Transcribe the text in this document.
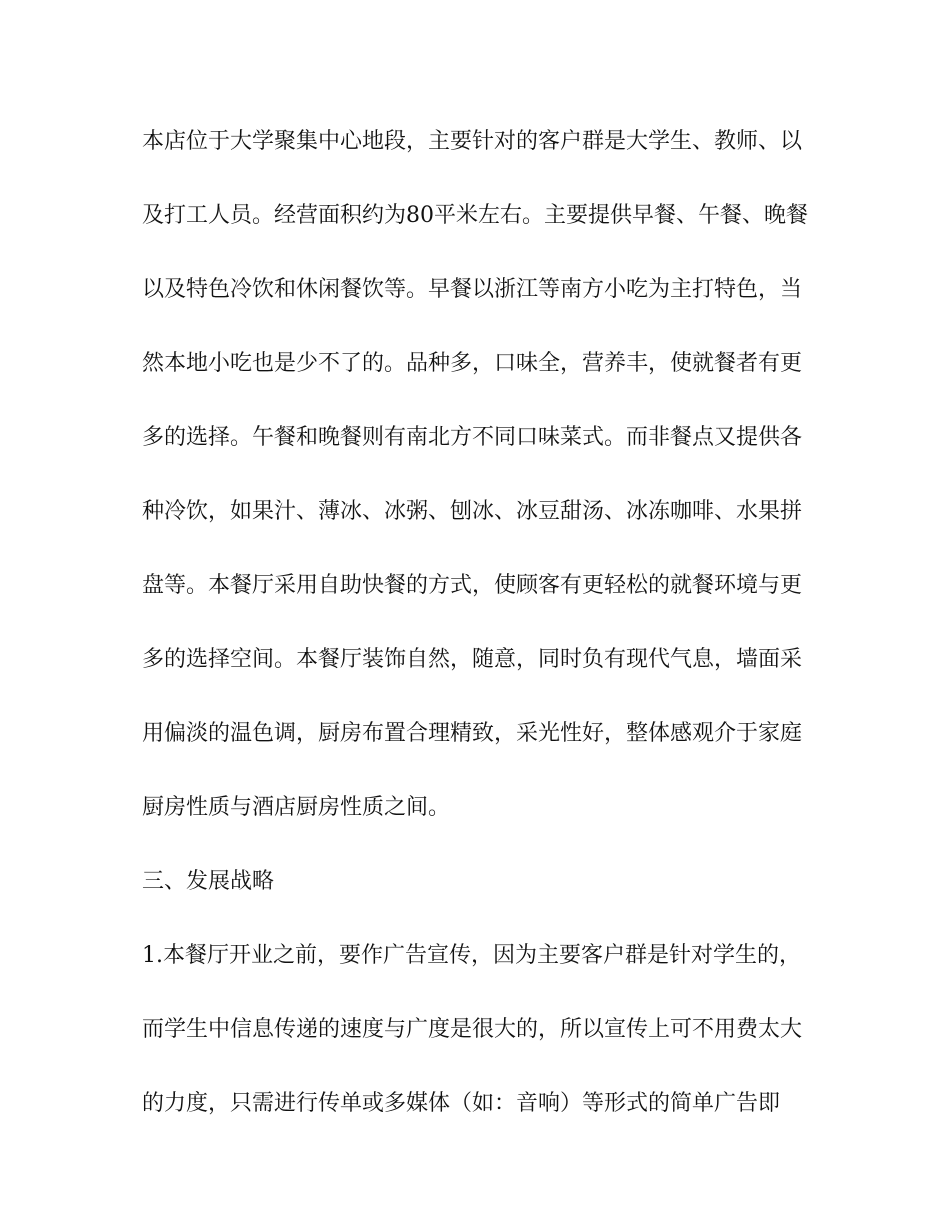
本店位于大学聚集中心地段，主要针对的客户群是大学生、教师、以
及打工人员。经营面积约为80平米左右。主要提供早餐、午餐、晚餐
以及特色冷饮和休闲餐饮等。早餐以浙江等南方小吃为主打特色，当
然本地小吃也是少不了的。品种多，口味全，营养丰，使就餐者有更
多的选择。午餐和晚餐则有南北方不同口味菜式。而非餐点又提供各
种冷饮，如果汁、薄冰、冰粥、刨冰、冰豆甜汤、冰冻咖啡、水果拼
盘等。本餐厅采用自助快餐的方式，使顾客有更轻松的就餐环境与更
多的选择空间。本餐厅装饰自然，随意，同时负有现代气息，墙面采
用偏淡的温色调，厨房布置合理精致，采光性好，整体感观介于家庭
厨房性质与酒店厨房性质之间。
三、发展战略
1.本餐厅开业之前，要作广告宣传，因为主要客户群是针对学生的，
而学生中信息传递的速度与广度是很大的，所以宣传上可不用费太大
的力度，只需进行传单或多媒体（如：音响）等形式的简单广告即
